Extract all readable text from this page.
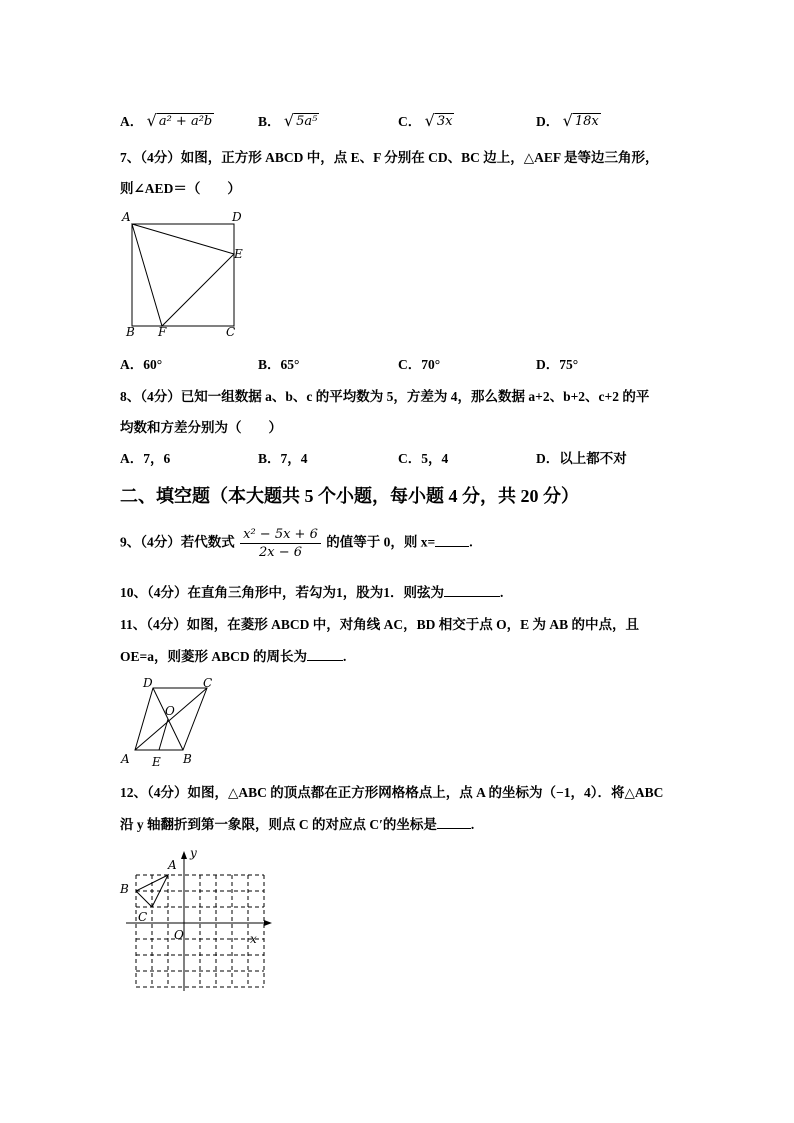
A． √ a² + a²b	B． √ 5a⁵	C． √ 3x	D． √ 18x
7、（4分）如图，正方形 ABCD 中，点 E、F 分别在 CD、BC 边上，△AEF 是等边三角形，
则∠AED＝（　　）
A	D
E
B F	C
A．60°	B．65°	C．70°	D．75°
8、（4分）已知一组数据 a、b、c 的平均数为 5，方差为 4，那么数据 a+2、b+2、c+2 的平
均数和方差分别为（　　）
A．7，6	B．7，4	C．5，4	D．以上都不对
二、填空题（本大题共 5 个小题，每小题 4 分，共 20 分）
9、（4分）若代数式 $\frac{\text{x² − 5x + 6}}{2x - 6}$ 的值等于 0，则 x=	.
10、（4分）在直角三角形中，若勾为1，股为1．则弦为	.
11、（4分）如图，在菱形 ABCD 中，对角线 AC，BD 相交于点 O，E 为 AB 的中点，且
OE=a，则菱形 ABCD 的周长为	.
D	C
O
A E B
12、（4分）如图，△ABC 的顶点都在正方形网格格点上，点 A 的坐标为（−1，4）．将△ABC
沿 y 轴翻折到第一象限，则点 C 的对应点 C′的坐标是	.
y
A
B
C
O	x
